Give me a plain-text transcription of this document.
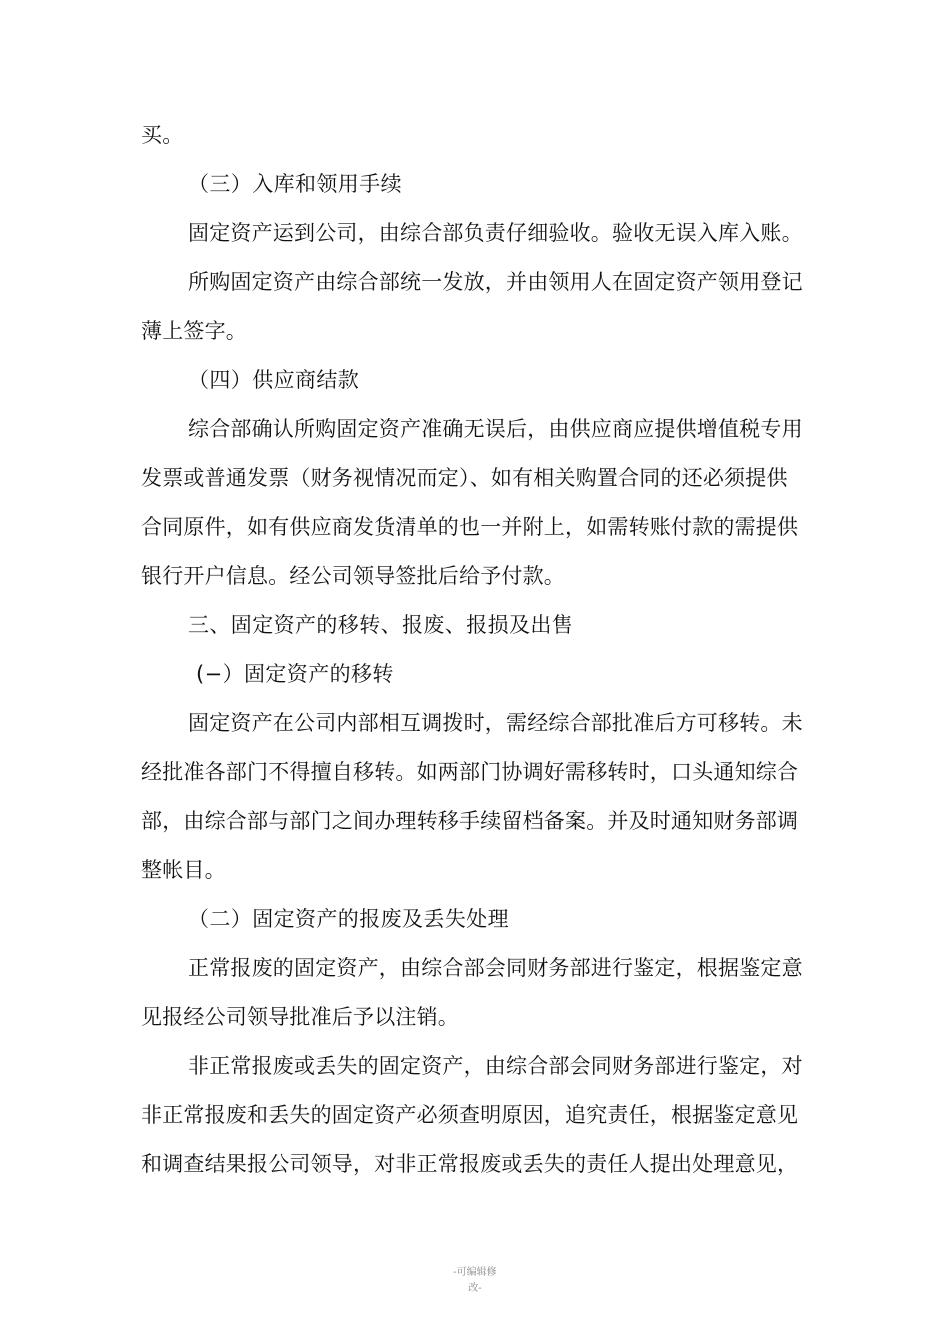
买。
（三）入库和领用手续
固定资产运到公司，由综合部负责仔细验收。验收无误入库入账。
所购固定资产由综合部统一发放，并由领用人在固定资产领用登记
薄上签字。
（四）供应商结款
综合部确认所购固定资产准确无误后，由供应商应提供增值税专用
发票或普通发票（财务视情况而定）、如有相关购置合同的还必须提供
合同原件，如有供应商发货清单的也一并附上，如需转账付款的需提供
银行开户信息。经公司领导签批后给予付款。
三、固定资产的移转、报废、报损及出售
(−）固定资产的移转
固定资产在公司内部相互调拨时，需经综合部批准后方可移转。未
经批准各部门不得擅自移转。如两部门协调好需移转时，口头通知综合
部，由综合部与部门之间办理转移手续留档备案。并及时通知财务部调
整帐目。
（二）固定资产的报废及丢失处理
正常报废的固定资产，由综合部会同财务部进行鉴定，根据鉴定意
见报经公司领导批准后予以注销。
非正常报废或丢失的固定资产，由综合部会同财务部进行鉴定，对
非正常报废和丢失的固定资产必须查明原因，追究责任，根据鉴定意见
和调查结果报公司领导，对非正常报废或丢失的责任人提出处理意见，
-可编辑修
改-
